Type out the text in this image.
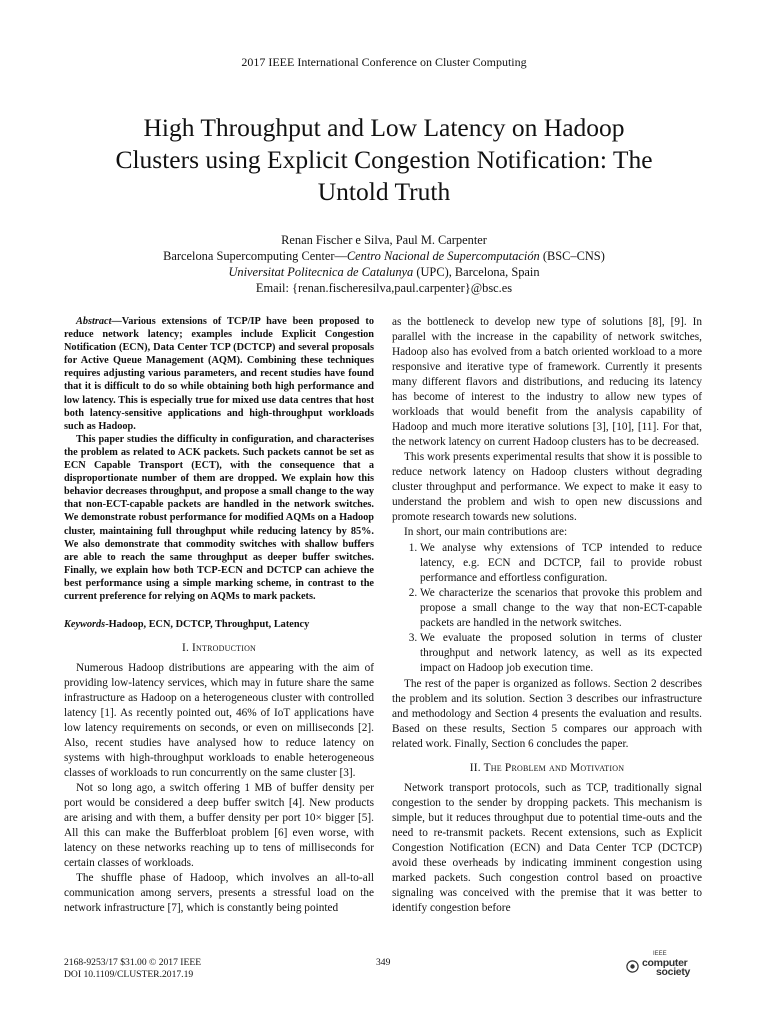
2017 IEEE International Conference on Cluster Computing
High Throughput and Low Latency on Hadoop
Clusters using Explicit Congestion Notification: The
Untold Truth
Renan Fischer e Silva, Paul M. Carpenter
Barcelona Supercomputing Center—Centro Nacional de Supercomputación (BSC–CNS)
Universitat Politecnica de Catalunya (UPC), Barcelona, Spain
Email: {renan.fischeresilva,paul.carpenter}@bsc.es

Abstract—Various extensions of TCP/IP have been proposed to reduce network latency; examples include Explicit Congestion Notification (ECN), Data Center TCP (DCTCP) and several proposals for Active Queue Management (AQM). Combining these techniques requires adjusting various parameters, and recent studies have found that it is difficult to do so while obtaining both high performance and low latency. This is especially true for mixed use data centres that host both latency-sensitive applications and high-throughput workloads such as Hadoop.

This paper studies the difficulty in configuration, and characterises the problem as related to ACK packets. Such packets cannot be set as ECN Capable Transport (ECT), with the consequence that a disproportionate number of them are dropped. We explain how this behavior decreases throughput, and propose a small change to the way that non-ECT-capable packets are handled in the network switches. We demonstrate robust performance for modified AQMs on a Hadoop cluster, maintaining full throughput while reducing latency by 85%. We also demonstrate that commodity switches with shallow buffers are able to reach the same throughput as deeper buffer switches. Finally, we explain how both TCP-ECN and DCTCP can achieve the best performance using a simple marking scheme, in contrast to the current preference for relying on AQMs to mark packets.

Keywords-Hadoop, ECN, DCTCP, Throughput, Latency
I. Introduction

Numerous Hadoop distributions are appearing with the aim of providing low-latency services, which may in future share the same infrastructure as Hadoop on a heterogeneous cluster with controlled latency [1]. As recently pointed out, 46% of IoT applications have low latency requirements on seconds, or even on milliseconds [2]. Also, recent studies have analysed how to reduce latency on systems with high-throughput workloads to enable heterogeneous classes of workloads to run concurrently on the same cluster [3].

Not so long ago, a switch offering 1 MB of buffer density per port would be considered a deep buffer switch [4]. New products are arising and with them, a buffer density per port 10× bigger [5]. All this can make the Bufferbloat problem [6] even worse, with latency on these networks reaching up to tens of milliseconds for certain classes of workloads.

The shuffle phase of Hadoop, which involves an all-to-all communication among servers, presents a stressful load on the network infrastructure [7], which is constantly being pointed

as the bottleneck to develop new type of solutions [8], [9]. In parallel with the increase in the capability of network switches, Hadoop also has evolved from a batch oriented workload to a more responsive and iterative type of framework. Currently it presents many different flavors and distributions, and reducing its latency has become of interest to the industry to allow new types of workloads that would benefit from the analysis capability of Hadoop and much more iterative solutions [3], [10], [11]. For that, the network latency on current Hadoop clusters has to be decreased.

This work presents experimental results that show it is possible to reduce network latency on Hadoop clusters without degrading cluster throughput and performance. We expect to make it easy to understand the problem and wish to open new discussions and promote research towards new solutions.

In short, our main contributions are:

1. We analyse why extensions of TCP intended to reduce latency, e.g. ECN and DCTCP, fail to provide robust performance and effortless configuration.
2. We characterize the scenarios that provoke this problem and propose a small change to the way that non-ECT-capable packets are handled in the network switches.
3. We evaluate the proposed solution in terms of cluster throughput and network latency, as well as its expected impact on Hadoop job execution time.

The rest of the paper is organized as follows. Section 2 describes the problem and its solution. Section 3 describes our infrastructure and methodology and Section 4 presents the evaluation and results. Based on these results, Section 5 compares our approach with related work. Finally, Section 6 concludes the paper.

II. The Problem and Motivation

Network transport protocols, such as TCP, traditionally signal congestion to the sender by dropping packets. This mechanism is simple, but it reduces throughput due to potential time-outs and the need to re-transmit packets. Recent extensions, such as Explicit Congestion Notification (ECN) and Data Center TCP (DCTCP) avoid these overheads by indicating imminent congestion using marked packets. Such congestion control based on proactive signaling was conceived with the premise that it was better to identify congestion before

2168-9253/17 $31.00 © 2017 IEEE
DOI 10.1109/CLUSTER.2017.19
349
IEEE
computer
society
